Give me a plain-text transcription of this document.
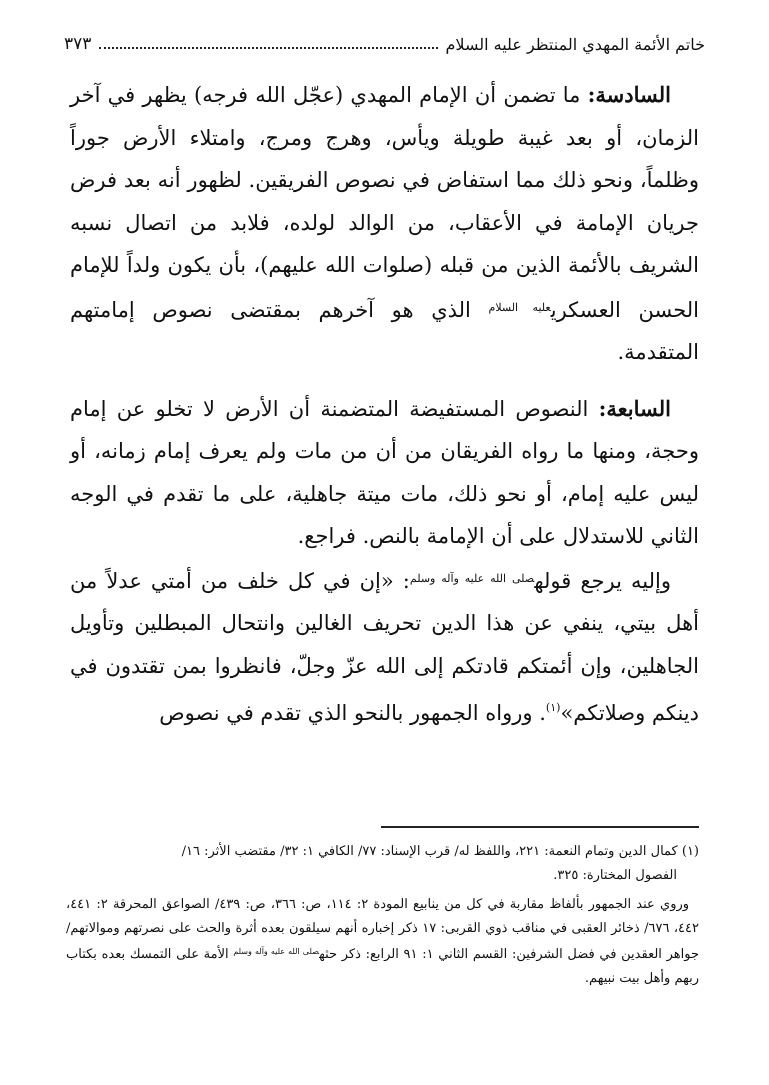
خاتم الأئمة المهدي المنتظر عليه السلام
٣٧٣

السادسة: ما تضمن أن الإمام المهدي (عجّل الله فرجه) يظهر في آخر الزمان، أو بعد غيبة طويلة ويأس، وهرج ومرج، وامتلاء الأرض جوراً وظلماً، ونحو ذلك مما استفاض في نصوص الفريقين. لظهور أنه بعد فرض جريان الإمامة في الأعقاب، من الوالد لولده، فلابد من اتصال نسبه الشريف بالأئمة الذين من قبله (صلوات الله عليهم)، بأن يكون ولداً للإمام الحسن العسكري$^{عليه السلام}$ الذي هو آخرهم بمقتضى نصوص إمامتهم المتقدمة.

السابعة: النصوص المستفيضة المتضمنة أن الأرض لا تخلو عن إمام وحجة، ومنها ما رواه الفريقان من أن من مات ولم يعرف إمام زمانه، أو ليس عليه إمام، أو نحو ذلك، مات ميتة جاهلية، على ما تقدم في الوجه الثاني للاستدلال على أن الإمامة بالنص. فراجع.

وإليه يرجع قوله$^{صلى الله عليه وآله وسلم}$: «إن في كل خلف من أمتي عدلاً من أهل بيتي، ينفي عن هذا الدين تحريف الغالين وانتحال المبطلين وتأويل الجاهلين، وإن أئمتكم قادتكم إلى الله عزّ وجلّ، فانظروا بمن تقتدون في دينكم وصلاتكم»$^{(١)}$. ورواه الجمهور بالنحو الذي تقدم في نصوص

(١) كمال الدين وتمام النعمة: ٢٢١، واللفظ له/ قرب الإسناد: ٧٧/ الكافي ١: ٣٢/ مقتضب الأثر: ١٦/

الفصول المختارة: ٣٢٥.

وروي عند الجمهور بألفاظ مقاربة في كل من ينابيع المودة ٢: ١١٤، ص: ٣٦٦، ص: ٤٣٩/ الصواعق المحرقة ٢: ٤٤١، ٤٤٢، ٦٧٦/ ذخائر العقبى في مناقب ذوي القربى: ١٧ ذكر إخباره أنهم سيلقون بعده أثرة والحث على نصرتهم وموالاتهم/ جواهر العقدين في فضل الشرفين: القسم الثاني ١: ٩١ الرابع: ذكر حثه$^{صلى الله عليه وآله وسلم}$ الأمة على التمسك بعده بكتاب ربهم وأهل بيت نبيهم.
